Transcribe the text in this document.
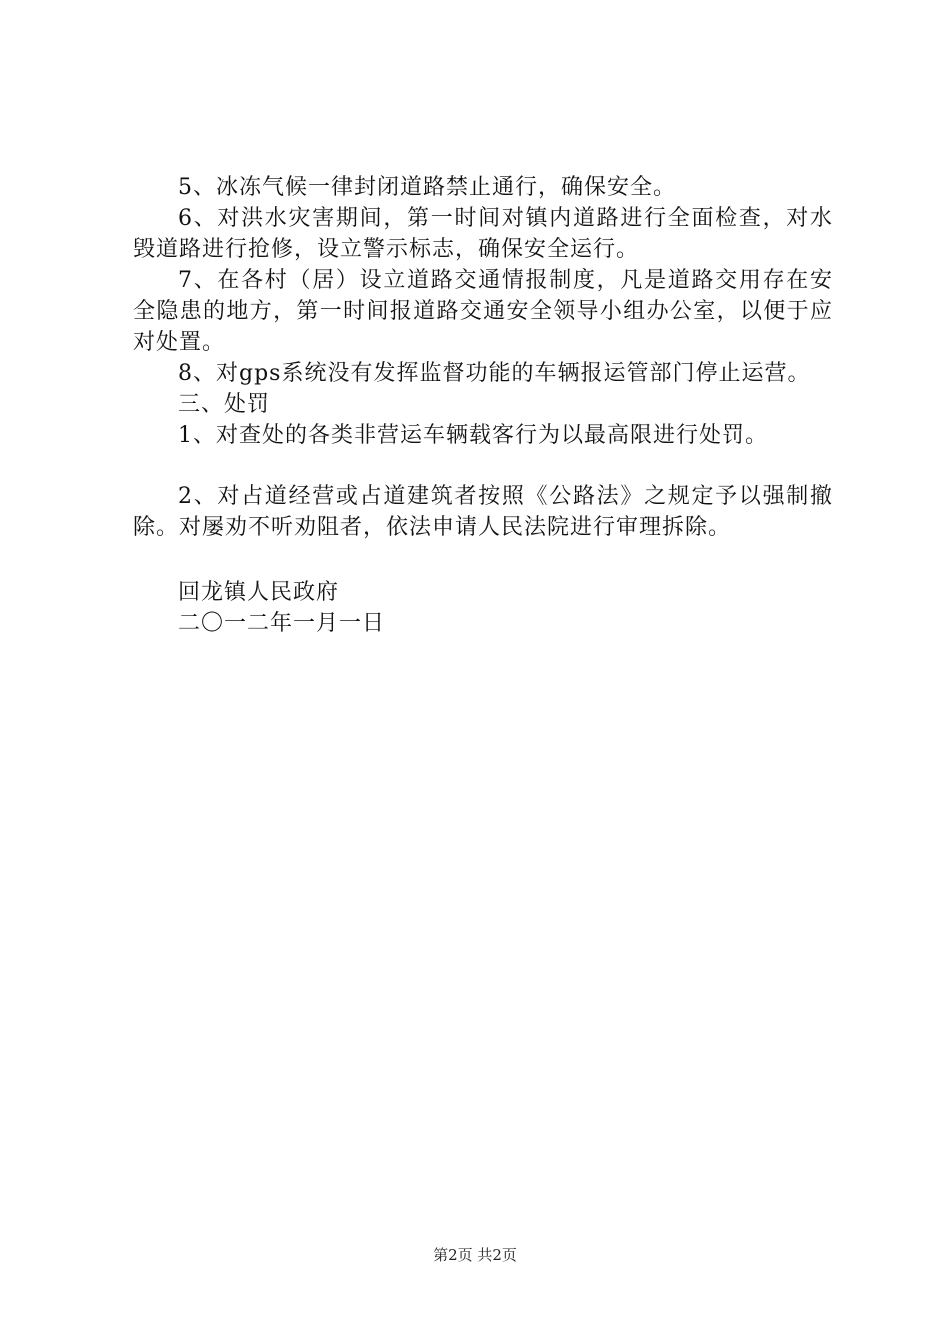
5、冰冻气候一律封闭道路禁止通行，确保安全。

6、对洪水灾害期间，第一时间对镇内道路进行全面检查，对水毁道路进行抢修，设立警示标志，确保安全运行。

7、在各村（居）设立道路交通情报制度，凡是道路交用存在安全隐患的地方，第一时间报道路交通安全领导小组办公室，以便于应对处置。

8、对gps系统没有发挥监督功能的车辆报运管部门停止运营。

三、处罚

1、对查处的各类非营运车辆载客行为以最高限进行处罚。

2、对占道经营或占道建筑者按照《公路法》之规定予以强制撤除。对屡劝不听劝阻者，依法申请人民法院进行审理拆除。

回龙镇人民政府

二〇一二年一月一日

第2页 共2页
